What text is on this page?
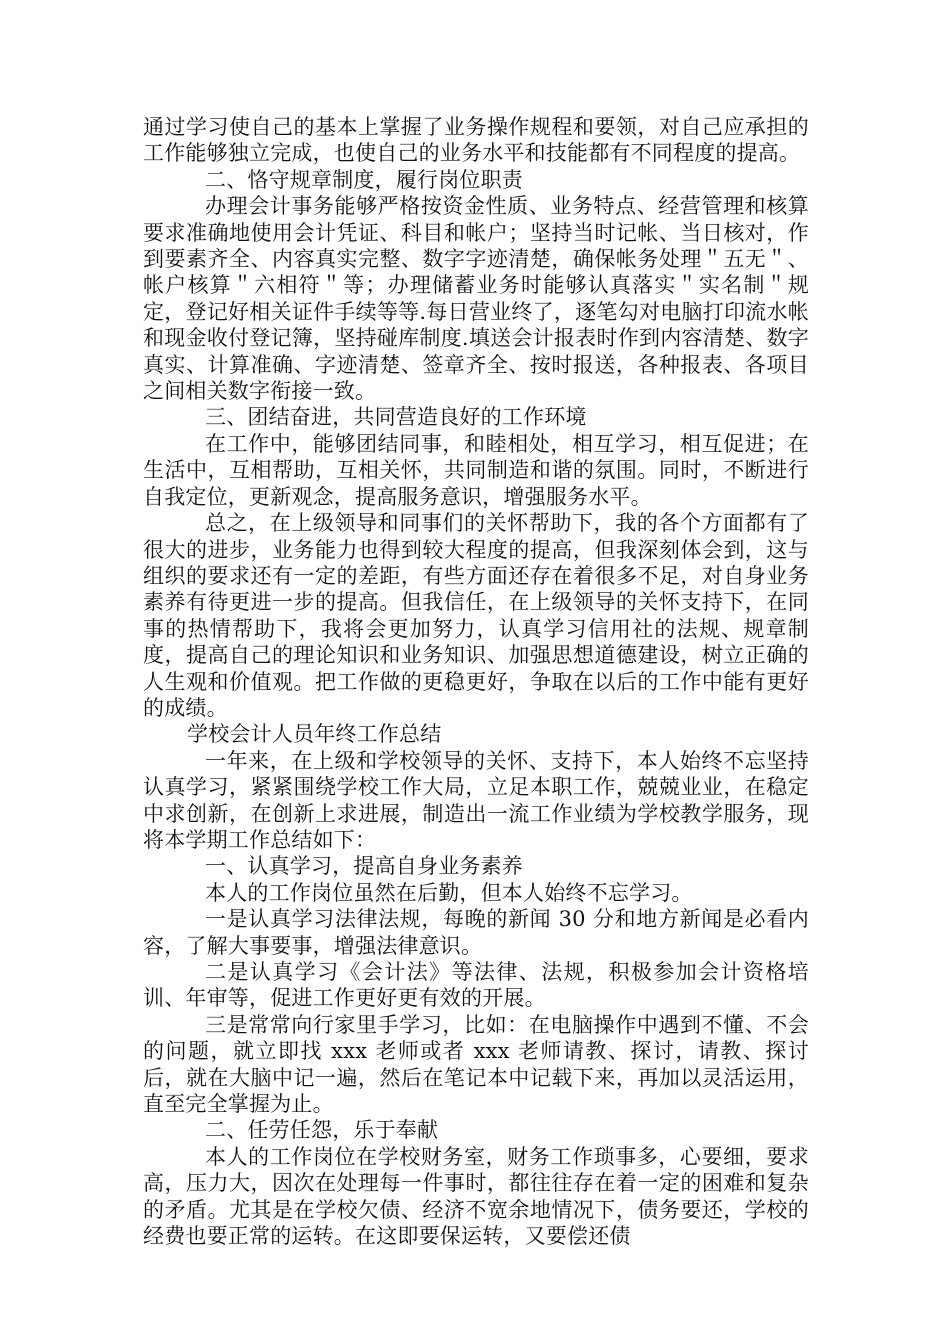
通过学习使自己的基本上掌握了业务操作规程和要领，对自己应承担的工作能够独立完成，也使自己的业务水平和技能都有不同程度的提高。

二、恪守规章制度，履行岗位职责

办理会计事务能够严格按资金性质、业务特点、经营管理和核算要求准确地使用会计凭证、科目和帐户；坚持当时记帐、当日核对，作到要素齐全、内容真实完整、数字字迹清楚，确保帐务处理＂五无＂、帐户核算＂六相符＂等；办理储蓄业务时能够认真落实＂实名制＂规定，登记好相关证件手续等等.每日营业终了，逐笔勾对电脑打印流水帐和现金收付登记簿，坚持碰库制度.填送会计报表时作到内容清楚、数字真实、计算准确、字迹清楚、签章齐全、按时报送，各种报表、各项目之间相关数字衔接一致。

三、团结奋进，共同营造良好的工作环境

在工作中，能够团结同事，和睦相处，相互学习，相互促进；在生活中，互相帮助，互相关怀，共同制造和谐的氛围。同时，不断进行自我定位，更新观念，提高服务意识，增强服务水平。

总之，在上级领导和同事们的关怀帮助下，我的各个方面都有了很大的进步，业务能力也得到较大程度的提高，但我深刻体会到，这与组织的要求还有一定的差距，有些方面还存在着很多不足，对自身业务素养有待更进一步的提高。但我信任，在上级领导的关怀支持下，在同事的热情帮助下，我将会更加努力，认真学习信用社的法规、规章制度，提高自己的理论知识和业务知识、加强思想道德建设，树立正确的人生观和价值观。把工作做的更稳更好，争取在以后的工作中能有更好的成绩。

学校会计人员年终工作总结

一年来，在上级和学校领导的关怀、支持下，本人始终不忘坚持认真学习，紧紧围绕学校工作大局，立足本职工作，兢兢业业，在稳定中求创新，在创新上求进展，制造出一流工作业绩为学校教学服务，现将本学期工作总结如下：

一、认真学习，提高自身业务素养

本人的工作岗位虽然在后勤，但本人始终不忘学习。

一是认真学习法律法规，每晚的新闻 30 分和地方新闻是必看内容，了解大事要事，增强法律意识。

二是认真学习《会计法》等法律、法规，积极参加会计资格培训、年审等，促进工作更好更有效的开展。

三是常常向行家里手学习，比如：在电脑操作中遇到不懂、不会的问题，就立即找 xxx 老师或者 xxx 老师请教、探讨，请教、探讨后，就在大脑中记一遍，然后在笔记本中记载下来，再加以灵活运用，直至完全掌握为止。

二、任劳任怨，乐于奉献

本人的工作岗位在学校财务室，财务工作琐事多，心要细，要求高，压力大，因次在处理每一件事时，都往往存在着一定的困难和复杂的矛盾。尤其是在学校欠债、经济不宽余地情况下，债务要还，学校的经费也要正常的运转。在这即要保运转，又要偿还债
